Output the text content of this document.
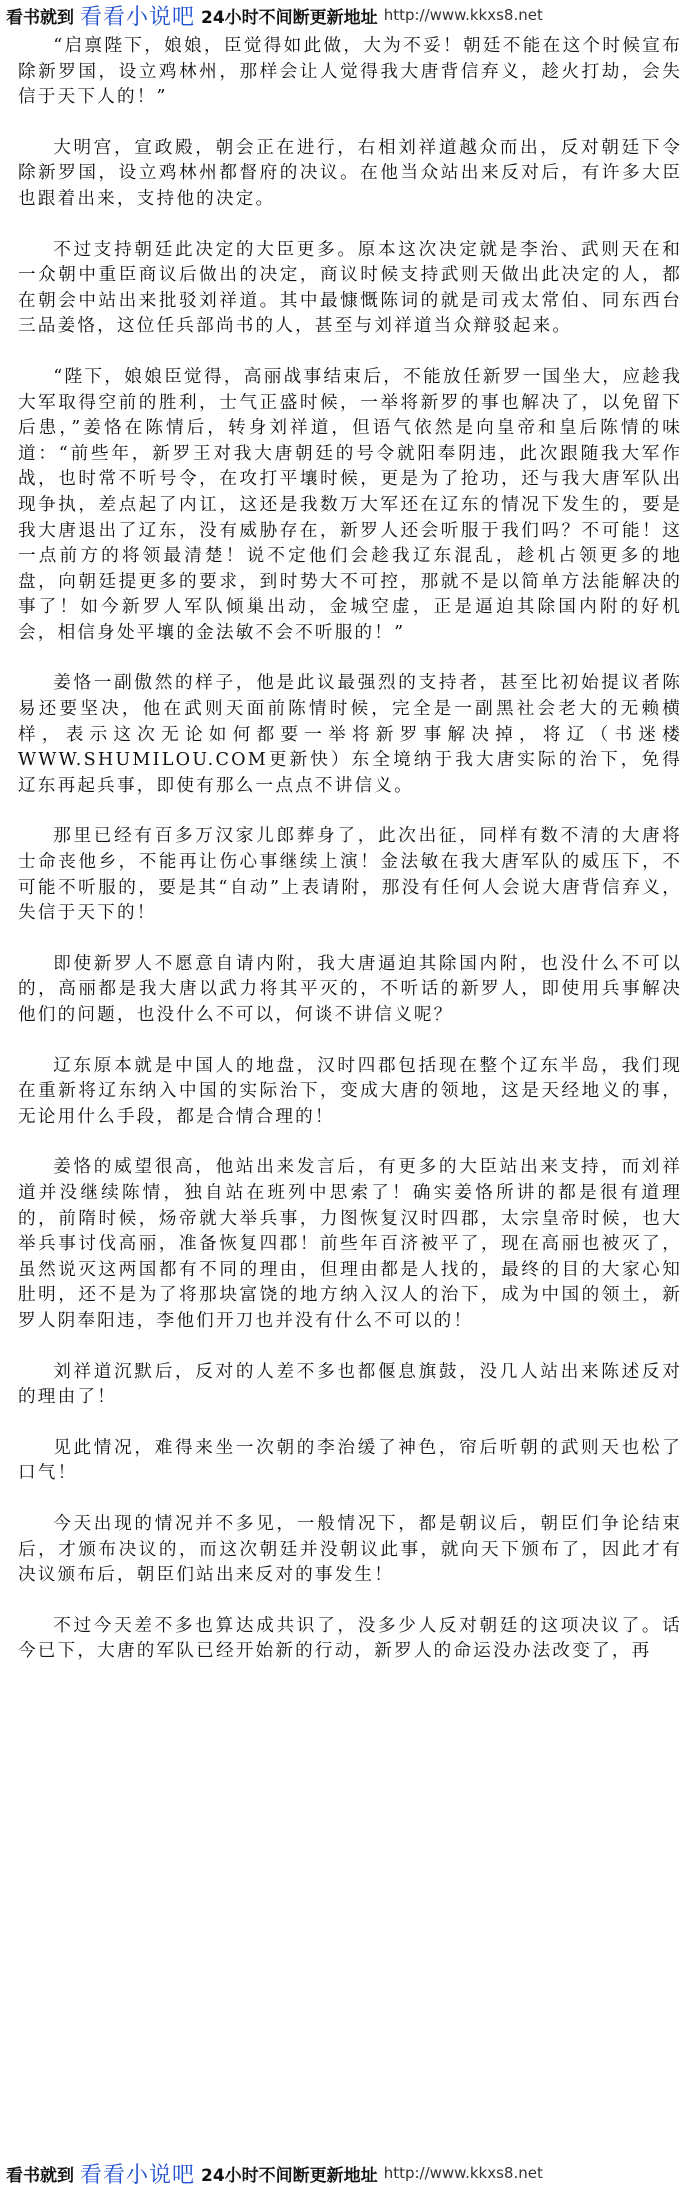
看书就到 看看小说吧 24小时不间断更新地址 http://www.kkxs8.net

“启禀陛下，娘娘，臣觉得如此做，大为不妥！朝廷不能在这个时候宣布除新罗国，设立鸡林州，那样会让人觉得我大唐背信弃义，趁火打劫，会失信于天下人的！”

大明宫，宣政殿，朝会正在进行，右相刘祥道越众而出，反对朝廷下令除新罗国，设立鸡林州都督府的决议。在他当众站出来反对后，有许多大臣也跟着出来，支持他的决定。

不过支持朝廷此决定的大臣更多。原本这次决定就是李治、武则天在和一众朝中重臣商议后做出的决定，商议时候支持武则天做出此决定的人，都在朝会中站出来批驳刘祥道。其中最慷慨陈词的就是司戎太常伯、同东西台三品姜恪，这位任兵部尚书的人，甚至与刘祥道当众辩驳起来。

“陛下，娘娘臣觉得，高丽战事结束后，不能放任新罗一国坐大，应趁我大军取得空前的胜利，士气正盛时候，一举将新罗的事也解决了，以免留下后患，”姜恪在陈情后，转身刘祥道，但语气依然是向皇帝和皇后陈情的味道：“前些年，新罗王对我大唐朝廷的号令就阳奉阴违，此次跟随我大军作战，也时常不听号令，在攻打平壤时候，更是为了抢功，还与我大唐军队出现争执，差点起了内讧，这还是我数万大军还在辽东的情况下发生的，要是我大唐退出了辽东，没有威胁存在，新罗人还会听服于我们吗？不可能！这一点前方的将领最清楚！说不定他们会趁我辽东混乱，趁机占领更多的地盘，向朝廷提更多的要求，到时势大不可控，那就不是以简单方法能解决的事了！如今新罗人军队倾巢出动，金城空虚，正是逼迫其除国内附的好机会，相信身处平壤的金法敏不会不听服的！”

姜恪一副傲然的样子，他是此议最强烈的支持者，甚至比初始提议者陈易还要坚决，他在武则天面前陈情时候，完全是一副黑社会老大的无赖横样，表示这次无论如何都要一举将新罗事解决掉，将辽（书迷楼WWW.SHUMILOU.COM更新快）东全境纳于我大唐实际的治下，免得辽东再起兵事，即使有那么一点点不讲信义。

那里已经有百多万汉家儿郎葬身了，此次出征，同样有数不清的大唐将士命丧他乡，不能再让伤心事继续上演！金法敏在我大唐军队的威压下，不可能不听服的，要是其“自动”上表请附，那没有任何人会说大唐背信弃义，失信于天下的！

即使新罗人不愿意自请内附，我大唐逼迫其除国内附，也没什么不可以的，高丽都是我大唐以武力将其平灭的，不听话的新罗人，即使用兵事解决他们的问题，也没什么不可以，何谈不讲信义呢？

辽东原本就是中国人的地盘，汉时四郡包括现在整个辽东半岛，我们现在重新将辽东纳入中国的实际治下，变成大唐的领地，这是天经地义的事，无论用什么手段，都是合情合理的！

姜恪的威望很高，他站出来发言后，有更多的大臣站出来支持，而刘祥道并没继续陈情，独自站在班列中思索了！确实姜恪所讲的都是很有道理的，前隋时候，炀帝就大举兵事，力图恢复汉时四郡，太宗皇帝时候，也大举兵事讨伐高丽，准备恢复四郡！前些年百济被平了，现在高丽也被灭了，虽然说灭这两国都有不同的理由，但理由都是人找的，最终的目的大家心知肚明，还不是为了将那块富饶的地方纳入汉人的治下，成为中国的领土，新罗人阴奉阳违，李他们开刀也并没有什么不可以的！

刘祥道沉默后，反对的人差不多也都偃息旗鼓，没几人站出来陈述反对的理由了！

见此情况，难得来坐一次朝的李治缓了神色，帘后听朝的武则天也松了口气！

今天出现的情况并不多见，一般情况下，都是朝议后，朝臣们争论结束后，才颁布决议的，而这次朝廷并没朝议此事，就向天下颁布了，因此才有决议颁布后，朝臣们站出来反对的事发生！

不过今天差不多也算达成共识了，没多少人反对朝廷的这项决议了。话今已下，大唐的军队已经开始新的行动，新罗人的命运没办法改变了，再

看书就到 看看小说吧 24小时不间断更新地址 http://www.kkxs8.net
